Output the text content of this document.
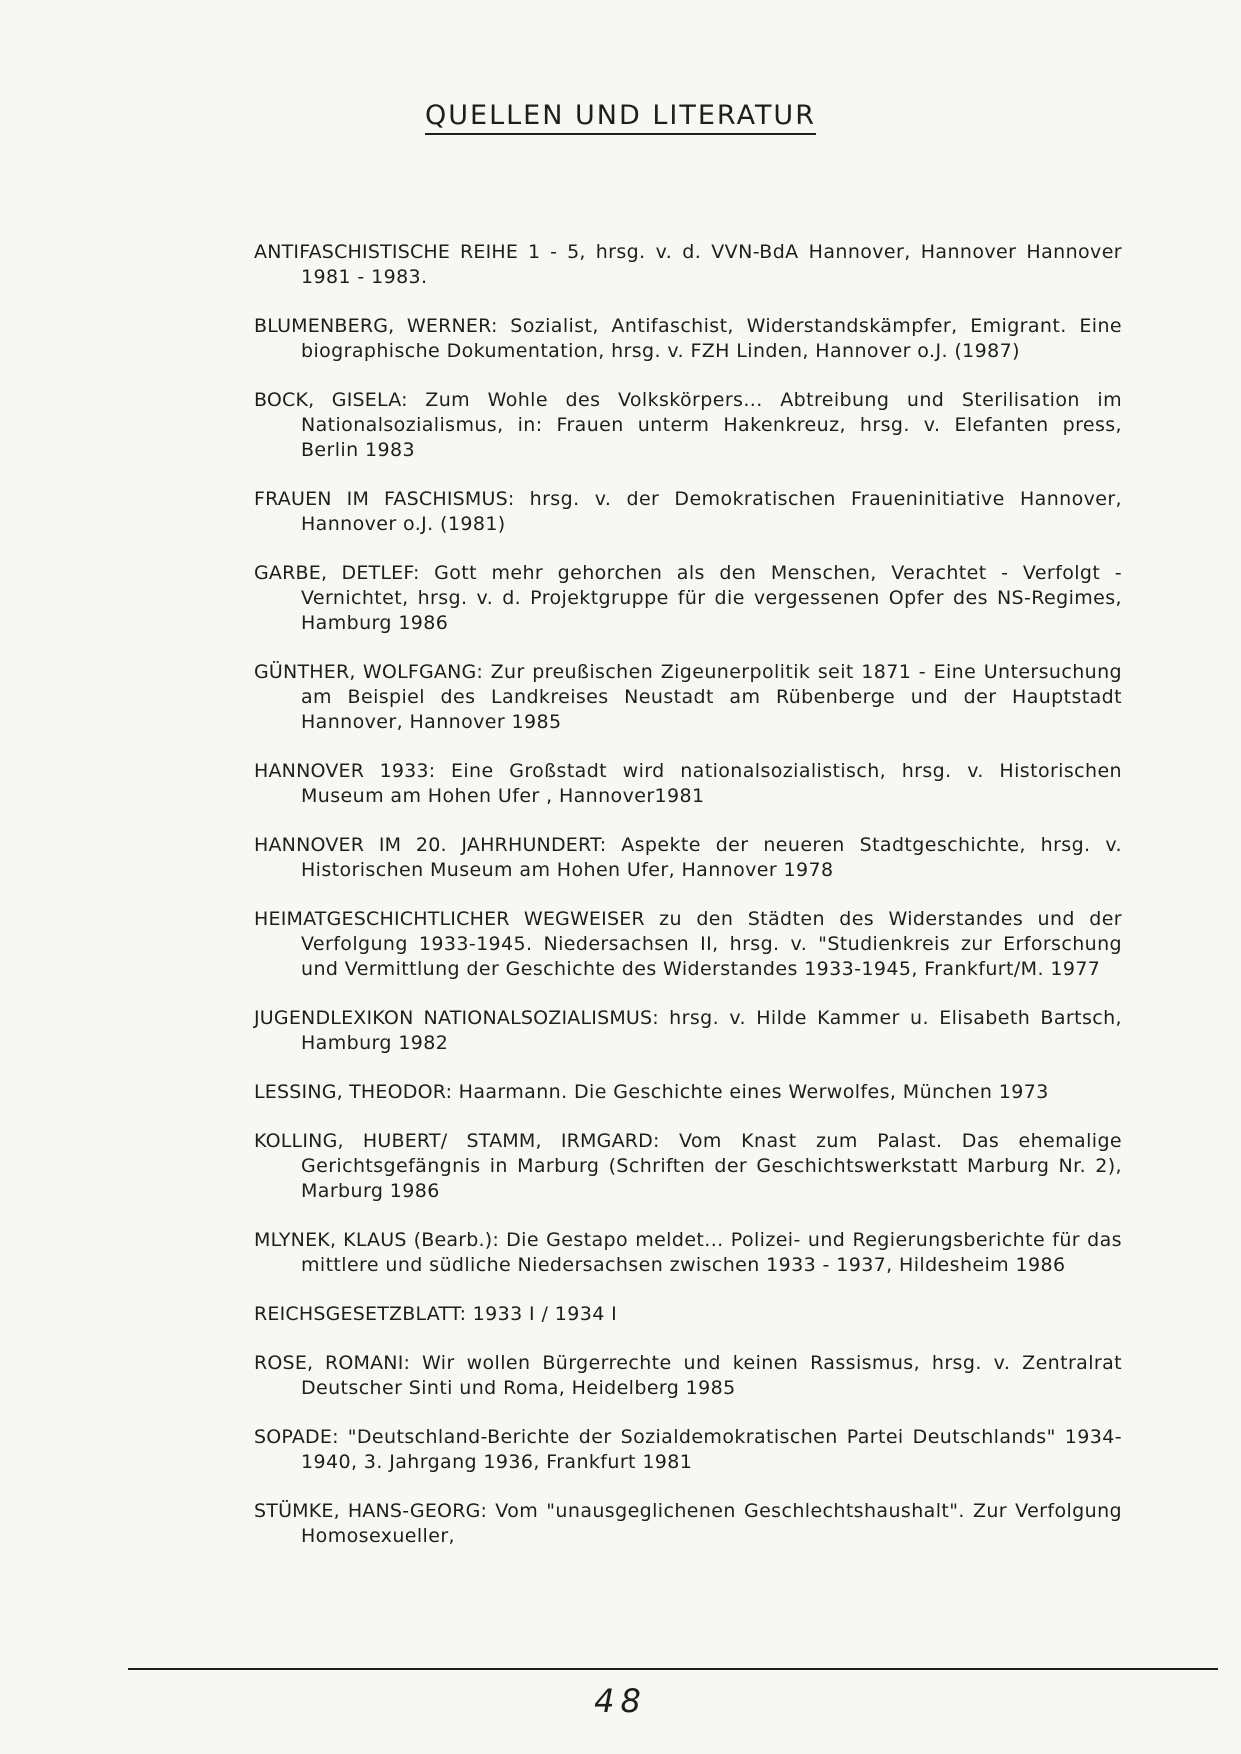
QUELLEN UND LITERATUR
ANTIFASCHISTISCHE REIHE 1 - 5, hrsg. v. d. VVN-BdA Hannover, Hannover Hannover 1981 - 1983.
BLUMENBERG, WERNER: Sozialist, Antifaschist, Widerstandskämpfer, Emigrant. Eine biographische Dokumentation, hrsg. v. FZH Linden, Hannover o.J. (1987)
BOCK, GISELA: Zum Wohle des Volkskörpers... Abtreibung und Sterilisation im Nationalsozialismus, in: Frauen unterm Hakenkreuz, hrsg. v. Elefanten press, Berlin 1983
FRAUEN IM FASCHISMUS: hrsg. v. der Demokratischen Fraueninitiative Hannover, Hannover o.J. (1981)
GARBE, DETLEF: Gott mehr gehorchen als den Menschen, Verachtet - Verfolgt - Vernichtet, hrsg. v. d. Projektgruppe für die vergessenen Opfer des NS-Regimes, Hamburg 1986
GÜNTHER, WOLFGANG: Zur preußischen Zigeunerpolitik seit 1871 - Eine Untersuchung am Beispiel des Landkreises Neustadt am Rübenberge und der Hauptstadt Hannover, Hannover 1985
HANNOVER 1933: Eine Großstadt wird nationalsozialistisch, hrsg. v. Historischen Museum am Hohen Ufer , Hannover1981
HANNOVER IM 20. JAHRHUNDERT: Aspekte der neueren Stadtgeschichte, hrsg. v. Historischen Museum am Hohen Ufer, Hannover 1978
HEIMATGESCHICHTLICHER WEGWEISER zu den Städten des Widerstandes und der Verfolgung 1933-1945. Niedersachsen II, hrsg. v. "Studienkreis zur Erforschung und Vermittlung der Geschichte des Widerstandes 1933-1945, Frankfurt/M. 1977
JUGENDLEXIKON NATIONALSOZIALISMUS: hrsg. v. Hilde Kammer u. Elisabeth Bartsch, Hamburg 1982
LESSING, THEODOR: Haarmann. Die Geschichte eines Werwolfes, München 1973
KOLLING, HUBERT/ STAMM, IRMGARD: Vom Knast zum Palast. Das ehemalige Gerichtsgefängnis in Marburg (Schriften der Geschichtswerkstatt Marburg Nr. 2), Marburg 1986
MLYNEK, KLAUS (Bearb.): Die Gestapo meldet... Polizei- und Regierungsberichte für das mittlere und südliche Niedersachsen zwischen 1933 - 1937, Hildesheim 1986
REICHSGESETZBLATT: 1933 I / 1934 I
ROSE, ROMANI: Wir wollen Bürgerrechte und keinen Rassismus, hrsg. v. Zentralrat Deutscher Sinti und Roma, Heidelberg 1985
SOPADE: "Deutschland-Berichte der Sozialdemokratischen Partei Deutschlands" 1934-1940, 3. Jahrgang 1936, Frankfurt 1981
STÜMKE, HANS-GEORG: Vom "unausgeglichenen Geschlechtshaushalt". Zur Verfolgung Homosexueller,
48
